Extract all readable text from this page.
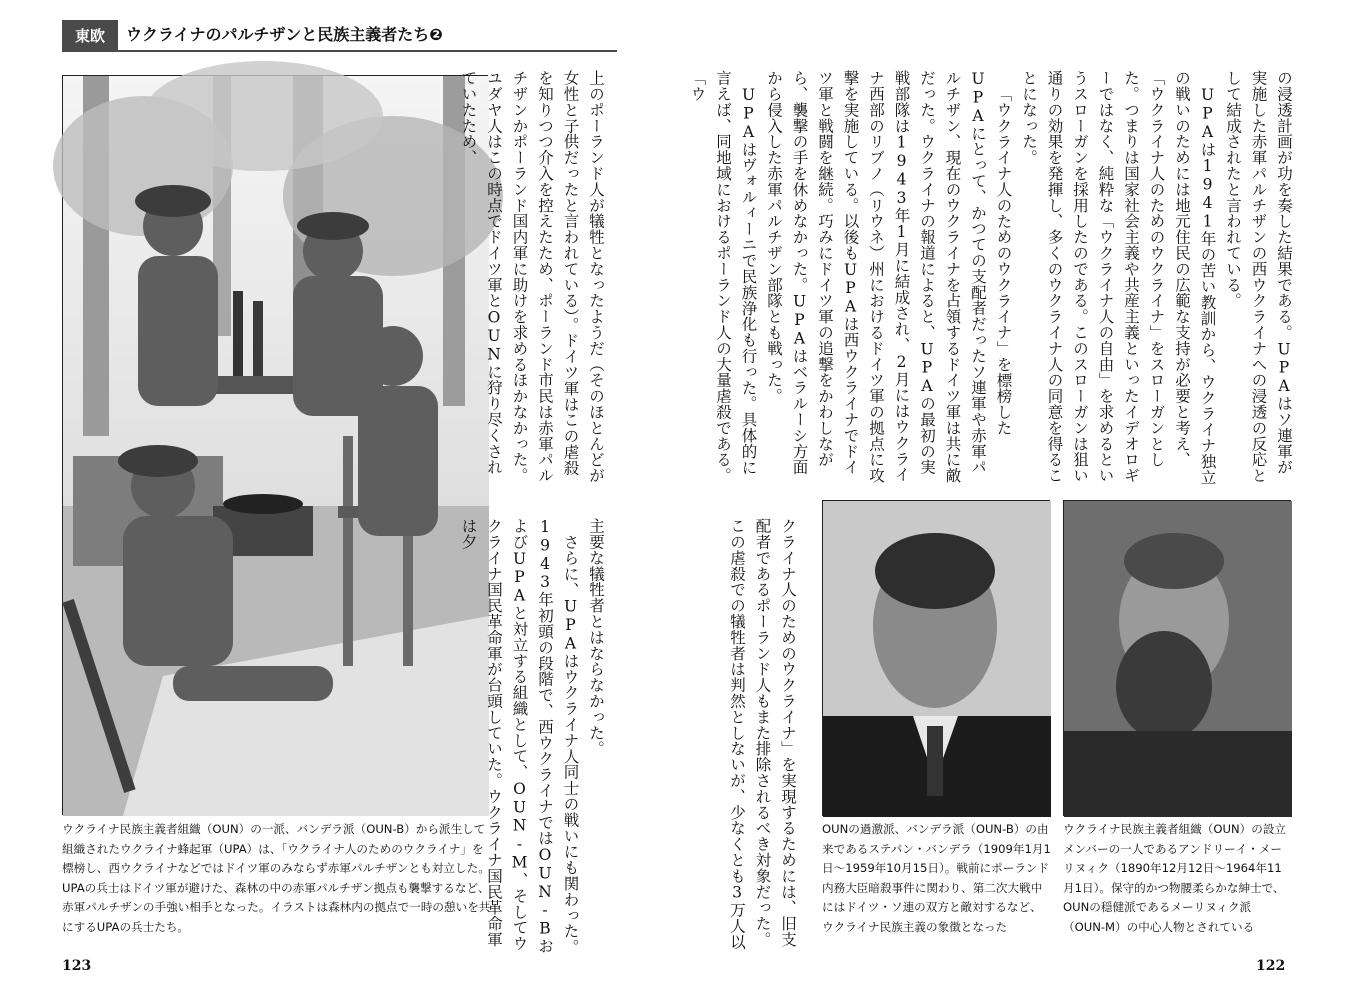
東欧	ウクライナのパルチザンと民族主義者たち❷

上のポーランド人が犠牲となったようだ（そのほとんどが女性と子供だったと言われている）。ドイツ軍はこの虐殺を知りつつ介入を控えたため、ポーランド市民は赤軍パルチザンかポーランド国内軍に助けを求めるほかなかった。ユダヤ人はこの時点でドイツ軍とOUNに狩り尽くされていたため、

主要な犠牲者とはならなかった。

さらに、UPAはウクライナ人同士の戦いにも関わった。1943年初頭の段階で、西ウクライナではOUN‐BおよびUPAと対立する組織として、OUN‐M、そしてウクライナ国民革命軍が台頭していた。ウクライナ国民革命軍は夕

ウクライナ民族主義者組織（OUN）の一派、バンデラ派（OUN‐B）から派生して組織されたウクライナ蜂起軍（UPA）は、「ウクライナ人のためのウクライナ」を標榜し、西ウクライナなどではドイツ軍のみならず赤軍パルチザンとも対立した。UPAの兵士はドイツ軍が避けた、森林の中の赤軍パルチザン拠点も襲撃するなど、赤軍パルチザンの手強い相手となった。イラストは森林内の拠点で一時の憩いを共にするUPAの兵士たち。

123

の浸透計画が功を奏した結果である。UPAはソ連軍が実施した赤軍パルチザンの西ウクライナへの浸透の反応として結成されたと言われている。

UPAは1941年の苦い教訓から、ウクライナ独立の戦いのためには地元住民の広範な支持が必要と考え、「ウクライナ人のためのウクライナ」をスローガンとした。つまりは国家社会主義や共産主義といったイデオロギーではなく、純粋な「ウクライナ人の自由」を求めるというスローガンを採用したのである。このスローガンは狙い通りの効果を発揮し、多くのウクライナ人の同意を得ることになった。

「ウクライナ人のためのウクライナ」を標榜したUPAにとって、かつての支配者だったソ連軍や赤軍パルチザン、現在のウクライナを占領するドイツ軍は共に敵だった。ウクライナの報道によると、UPAの最初の実戦部隊は1943年1月に結成され、2月にはウクライナ西部のリブノ（リウネ）州におけるドイツ軍の拠点に攻撃を実施している。以後もUPAは西ウクライナでドイツ軍と戦闘を継続。巧みにドイツ軍の追撃をかわしながら、襲撃の手を休めなかった。UPAはベラルーシ方面から侵入した赤軍パルチザン部隊とも戦った。

UPAはヴォルィーニで民族浄化も行った。具体的に言えば、同地域におけるポーランド人の大量虐殺である。「ウ

クライナ人のためのウクライナ」を実現するためには、旧支配者であるポーランド人もまた排除されるべき対象だった。この虐殺での犠牲者は判然としないが、少なくとも3万人以	OUNの過激派、バンデラ派（OUN‐B）の由来であるステパン・バンデラ（1909年1月1日〜1959年10月15日）。戦前にポーランド内務大臣暗殺事件に関わり、第二次大戦中にはドイツ・ソ連の双方と敵対するなど、ウクライナ民族主義の象徴となった

ウクライナ民族主義者組織（OUN）の設立メンバーの一人であるアンドリーイ・メーリヌィク（1890年12月12日〜1964年11月1日）。保守的かつ物腰柔らかな紳士で、OUNの穏健派であるメーリヌィク派（OUN‐M）の中心人物とされている

122
